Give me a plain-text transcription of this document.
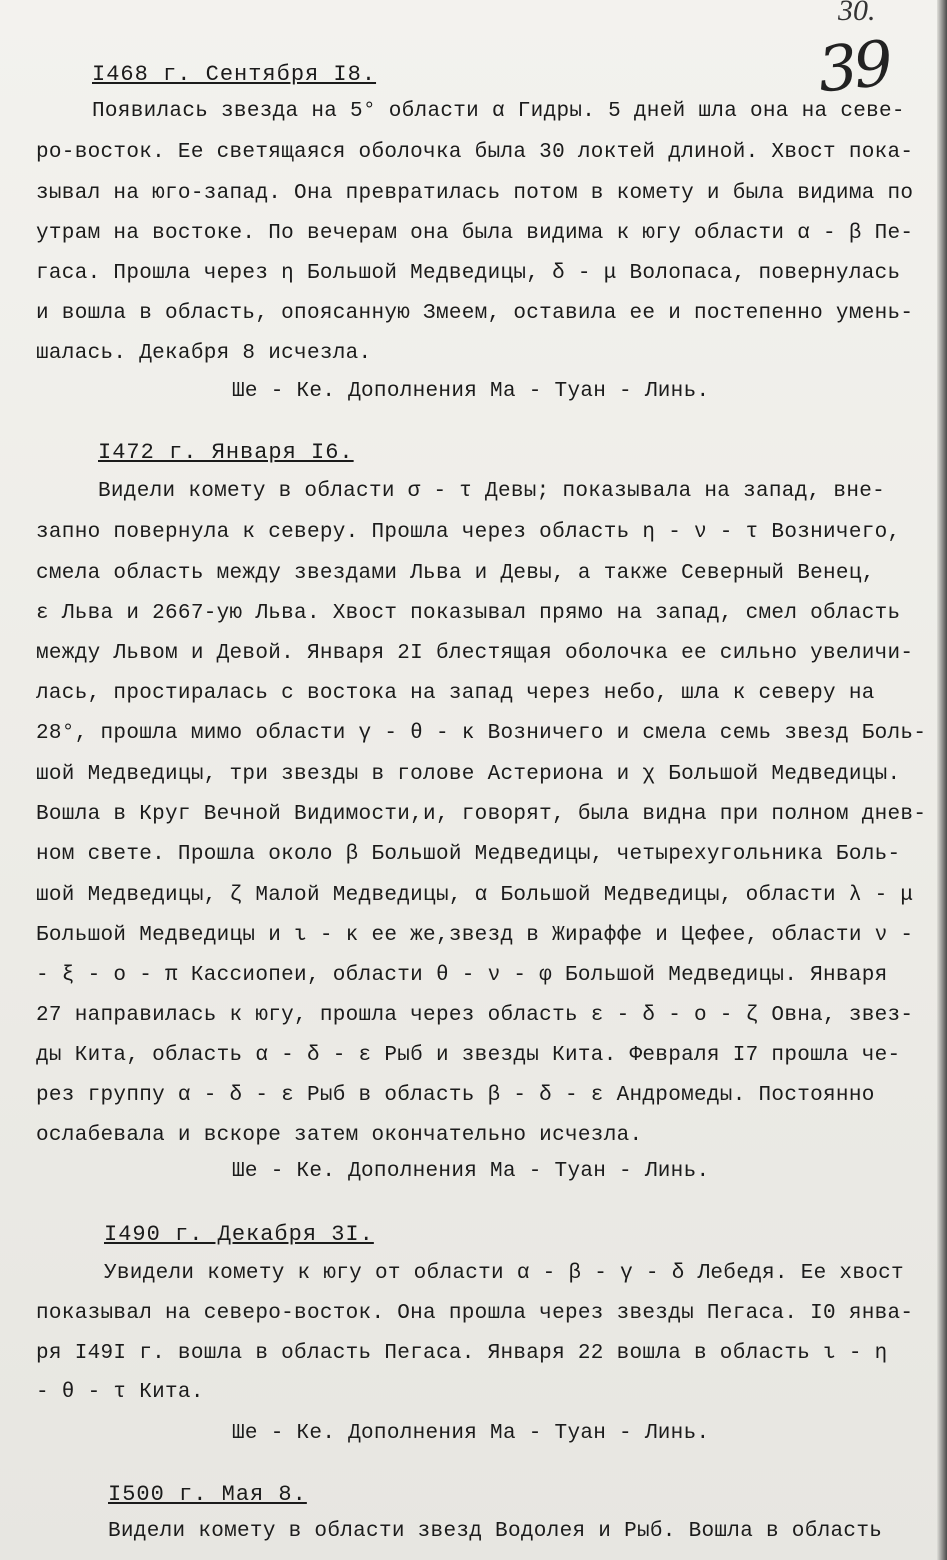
30.
39
I468 г. Сентября I8.
Появилась звезда на 5° области α Гидры. 5 дней шла она на севе-
ро-восток. Ее светящаяся оболочка была 30 локтей длиной. Хвост пока-
зывал на юго-запад. Она превратилась потом в комету и была видима по
утрам на востоке. По вечерам она была видима к югу области α - β Пе-
гаса. Прошла через η Большой Медведицы, δ - μ Волопаса, повернулась
и вошла в область, опоясанную Змеем, оставила ее и постепенно умень-
шалась. Декабря 8 исчезла.
Ше - Ке. Дополнения Ма - Туан - Линь.
I472 г. Января I6.
Видели комету в области σ - τ Девы; показывала на запад, вне-
запно повернула к северу. Прошла через область η - ν - τ Возничего,
смела область между звездами Льва и Девы, а также Северный Венец,
ε Льва и 2667-ую Льва. Хвост показывал прямо на запад, смел область
между Львом и Девой. Января 2I блестящая оболочка ее сильно увеличи-
лась, простиралась с востока на запад через небо, шла к северу на
28°, прошла мимо области γ - θ - κ Возничего и смела семь звезд Боль-
шой Медведицы, три звезды в голове Астериона и χ Большой Медведицы.
Вошла в Круг Вечной Видимости,и, говорят, была видна при полном днев-
ном свете. Прошла около β Большой Медведицы, четырехугольника Боль-
шой Медведицы, ζ Малой Медведицы, α Большой Медведицы, области λ - μ
Большой Медведицы и ι - κ ее же,звезд в Жираффе и Цефее, области ν -
- ξ - ο - π Кассиопеи, области θ - ν - φ Большой Медведицы. Января
27 направилась к югу, прошла через область ε - δ - ο - ζ Овна, звез-
ды Кита, область α - δ - ε Рыб и звезды Кита. Февраля I7 прошла че-
рез группу α - δ - ε Рыб в область β - δ - ε Андромеды. Постоянно
ослабевала и вскоре затем окончательно исчезла.
Ше - Ке. Дополнения Ма - Туан - Линь.
I490 г. Декабря 3I.
Увидели комету к югу от области α - β - γ - δ Лебедя. Ее хвост
показывал на северо-восток. Она прошла через звезды Пегаса. I0 янва-
ря I49I г. вошла в область Пегаса. Января 22 вошла в область ι - η
- θ - τ Кита.
Ше - Ке. Дополнения Ма - Туан - Линь.
I500 г. Мая 8.
Видели комету в области звезд Водолея и Рыб. Вошла в область
